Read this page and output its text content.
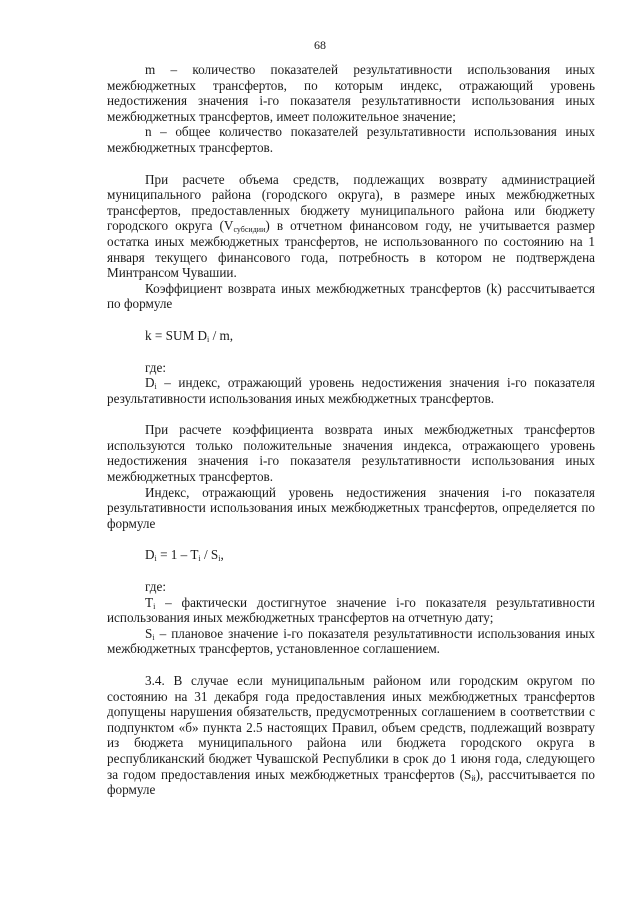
68

m – количество показателей результативности использования иных межбюджетных трансфертов, по которым индекс, отражающий уровень недостижения значения i-го показателя результативности использования иных межбюджетных трансфертов, имеет положительное значение;

n – общее количество показателей результативности использования иных межбюджетных трансфертов.

При расчете объема средств, подлежащих возврату администрацией муниципального района (городского округа), в размере иных межбюджетных трансфертов, предоставленных бюджету муниципального района или бюджету городского округа $(V_{субсидии})$ в отчетном финансовом году, не учитывается размер остатка иных межбюджетных трансфертов, не использованного по состоянию на 1 января текущего финансового года, потребность в котором не подтверждена Минтрансом Чувашии.

Коэффициент возврата иных межбюджетных трансфертов (k) рассчитывается по формуле

k = SUM $D_i$ / m,

где:

$D_i$ – индекс, отражающий уровень недостижения значения i-го показателя результативности использования иных межбюджетных трансфертов.

При расчете коэффициента возврата иных межбюджетных трансфертов используются только положительные значения индекса, отражающего уровень недостижения значения i-го показателя результативности использования иных межбюджетных трансфертов.

Индекс, отражающий уровень недостижения значения i-го показателя результативности использования иных межбюджетных трансфертов, определяется по формуле

$D_i = 1 - T_i / S_i$,

где:

$T_i$ – фактически достигнутое значение i-го показателя результативности использования иных межбюджетных трансфертов на отчетную дату;

$S_i$ – плановое значение i-го показателя результативности использования иных межбюджетных трансфертов, установленное соглашением.

3.4. В случае если муниципальным районом или городским округом по состоянию на 31 декабря года предоставления иных межбюджетных трансфертов допущены нарушения обязательств, предусмотренных соглашением в соответствии с подпунктом «б» пункта 2.5 настоящих Правил, объем средств, подлежащий возврату из бюджета муниципального района или бюджета городского округа в республиканский бюджет Чувашской Республики в срок до 1 июня года, следующего за годом предоставления иных межбюджетных трансфертов $(S_й)$, рассчитывается по формуле
